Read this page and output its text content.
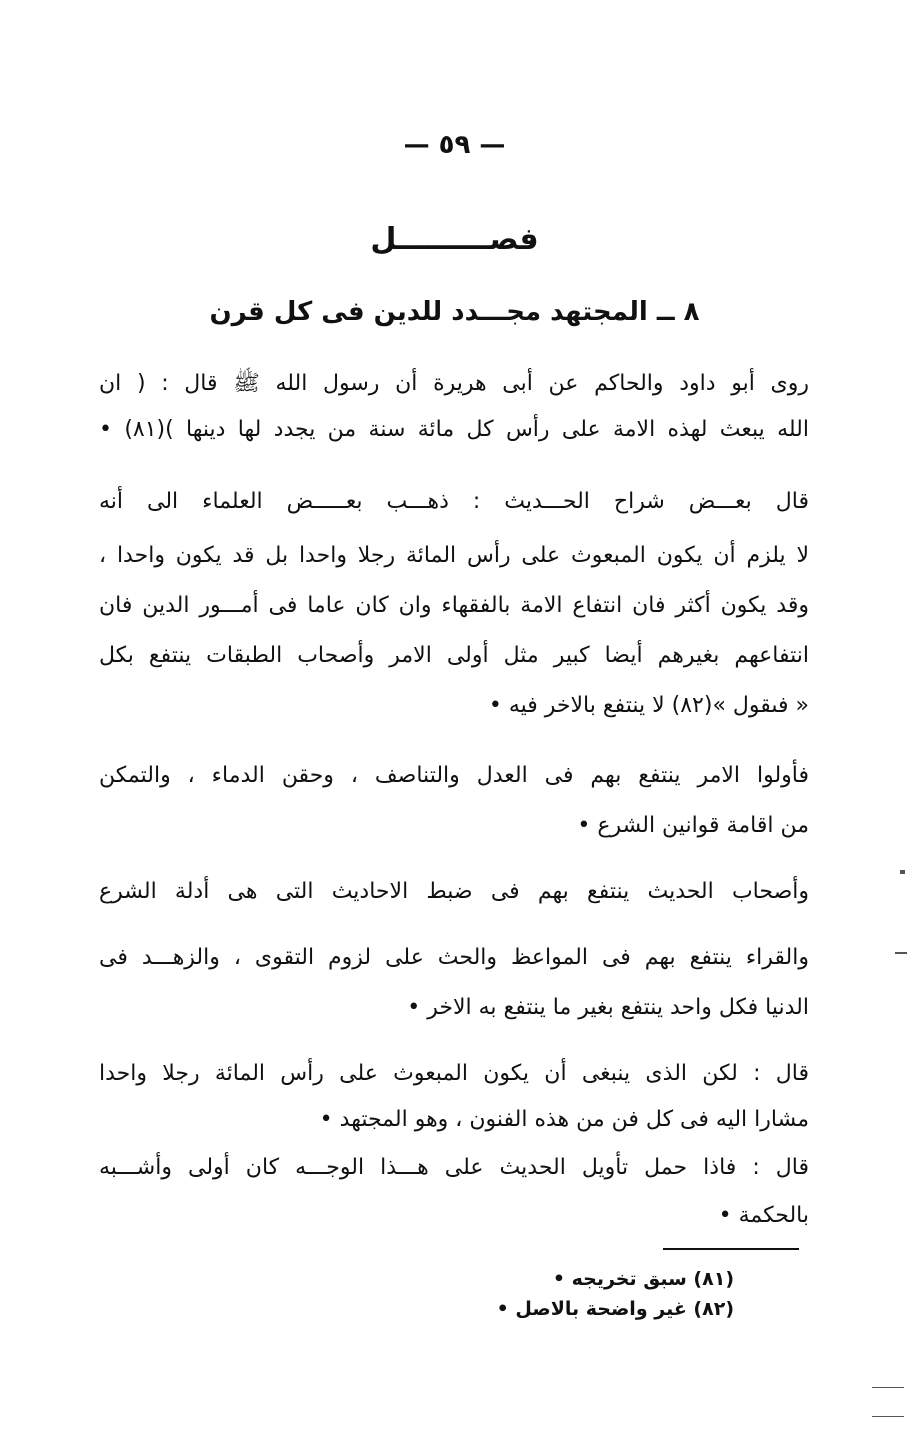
— ٥٩ —
فصـــــــــل
٨ ــ المجتهد مجـــدد للدين فى كل قرن
روى أبو داود والحاكم عن أبى هريرة أن رسول الله ﷺ قال : ( ان
الله يبعث لهذه الامة على رأس كل مائة سنة من يجدد لها دينها )(٨١) •
قال بعـــض شراح الحـــديث : ذهـــب بعـــــض العلماء الى أنه
لا يلزم أن يكون المبعوث على رأس المائة رجلا واحدا بل قد يكون واحدا ،
وقد يكون أكثر فان انتفاع الامة بالفقهاء وان كان عاما فى أمـــور الدين فان
انتفاعهم بغيرهم أيضا كبير مثل أولى الامر وأصحاب الطبقات ينتفع بكل
« فىقول »(٨٢) لا ينتفع بالاخر فيه •
فأولوا الامر ينتفع بهم فى العدل والتناصف ، وحقن الدماء ، والتمكن
من اقامة قوانين الشرع •
وأصحاب الحديث ينتفع بهم فى ضبط الاحاديث التى هى أدلة الشرع
والقراء ينتفع بهم فى المواعظ والحث على لزوم التقوى ، والزهـــد فى
الدنيا فكل واحد ينتفع بغير ما ينتفع به الاخر •
قال : لكن الذى ينبغى أن يكون المبعوث على رأس المائة رجلا واحدا
مشارا اليه فى كل فن من هذه الفنون ، وهو المجتهد •
قال : فاذا حمل تأويل الحديث على هـــذا الوجـــه كان أولى وأشـــبه
بالحكمة •
(٨١) سبق تخريجه •
(٨٢) غير واضحة بالاصل •
